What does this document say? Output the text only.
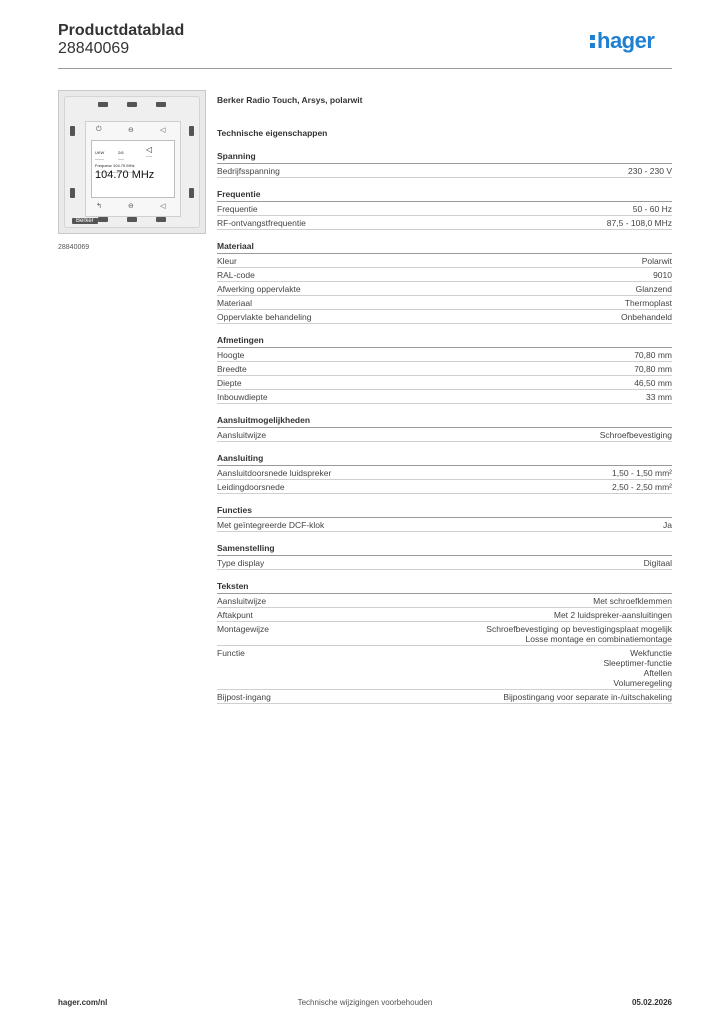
Productdatablad
28840069	hager
⏻	⊖	◁
UKW	2/6	◁
Frequenz 104.70 MHz
104.70 MHz
↰	⊖	◁
Berker
28840069
Berker Radio Touch, Arsys, polarwit
Technische eigenschappen
Spanning
Bedrijfsspanning	230 - 230 V
Frequentie
Frequentie	50 - 60 Hz
RF-ontvangstfrequentie	87,5 - 108,0 MHz
Materiaal
Kleur	Polarwit
RAL-code	9010
Afwerking oppervlakte	Glanzend
Materiaal	Thermoplast
Oppervlakte behandeling	Onbehandeld
Afmetingen
Hoogte	70,80 mm
Breedte	70,80 mm
Diepte	46,50 mm
Inbouwdiepte	33 mm
Aansluitmogelijkheden
Aansluitwijze	Schroefbevestiging
Aansluiting
Aansluitdoorsnede luidspreker	1,50 - 1,50 mm²
Leidingdoorsnede	2,50 - 2,50 mm²
Functies
Met geïntegreerde DCF-klok	Ja
Samenstelling
Type display	Digitaal
Teksten
Aansluitwijze	Met schroefklemmen
Aftakpunt	Met 2 luidspreker-aansluitingen
Montagewijze	Schroefbevestiging op bevestigingsplaat mogelijk
Losse montage en combinatiemontage
Functie	Wekfunctie
Sleeptimer-functie
Aftellen
Volumeregeling
Bijpost-ingang	Bijpostingang voor separate in-/uitschakeling
hager.com/nl	Technische wijzigingen voorbehouden	05.02.2026
